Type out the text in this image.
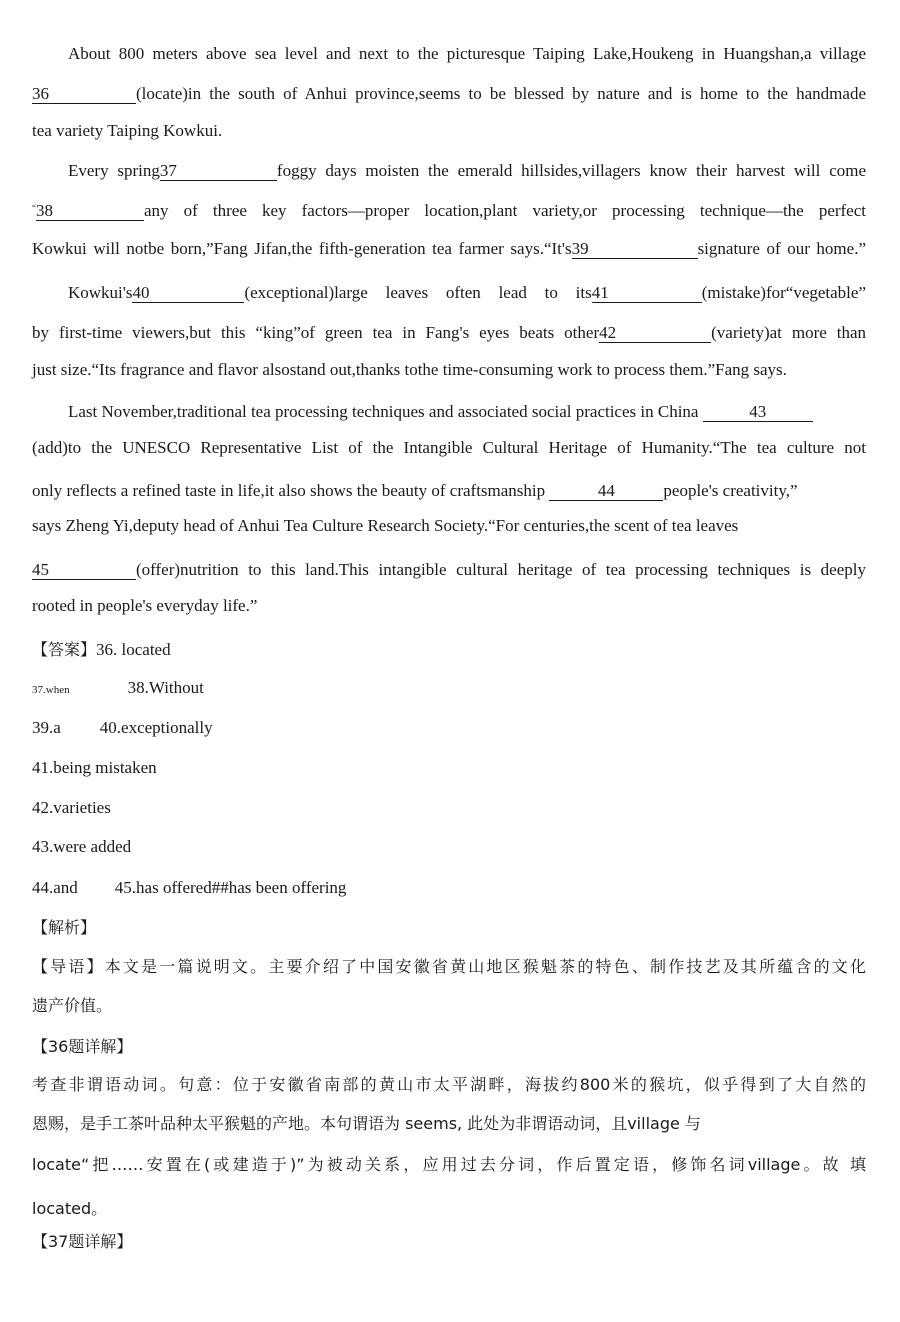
About 800 meters above sea level and next to the picturesque Taiping Lake,Houkeng in Huangshan,a village
36	(locate)in the south of Anhui province,seems to be blessed by nature and is home to the handmade
tea variety Taiping Kowkui.
Every spring37	foggy days moisten the emerald hillsides,villagers know their harvest will come
“38	any of three key factors—proper location,plant variety,or processing technique—the perfect
Kowkui will notbe born,”Fang Jifan,the fifth-generation tea farmer says.“It's39	signature of our home.”
Kowkui's40	(exceptional)large leaves often lead to its41	(mistake)for“vegetable”
by first-time viewers,but this “king”of green tea in Fang's eyes beats other42	(variety)at more than
just size.“Its fragrance and flavor alsostand out,thanks tothe time-consuming work to process them.”Fang says.
Last November,traditional tea processing techniques and associated social practices in China	43
(add)to the UNESCO Representative List of the Intangible Cultural Heritage of Humanity.“The tea culture not
only reflects a refined taste in life,it also shows the beauty of craftsmanship	44	people's creativity,”
says Zheng Yi,deputy head of Anhui Tea Culture Research Society.“For centuries,the scent of tea leaves
45	(offer)nutrition to this land.This intangible cultural heritage of tea processing techniques is deeply
rooted in people's everyday life.”
【答案】36. located
37.when	38.Without
39.a 40.exceptionally
41.being mistaken
42.varieties
43.were added
44.and 45.has offered##has been offering
【解析】
【导语】本文是一篇说明文。主要介绍了中国安徽省黄山地区猴魁茶的特色、制作技艺及其所蕴含的文化
遗产价值。
【36题详解】
考查非谓语动词。句意：位于安徽省南部的黄山市太平湖畔，海拔约800米的猴坑，似乎得到了大自然的
恩赐，是手工茶叶品种太平猴魁的产地。本句谓语为 seems, 此处为非谓语动词，且village 与
locate“把……安置在(或建造于)”为被动关系，应用过去分词，作后置定语，修饰名词village。故 填
located。
【37题详解】
